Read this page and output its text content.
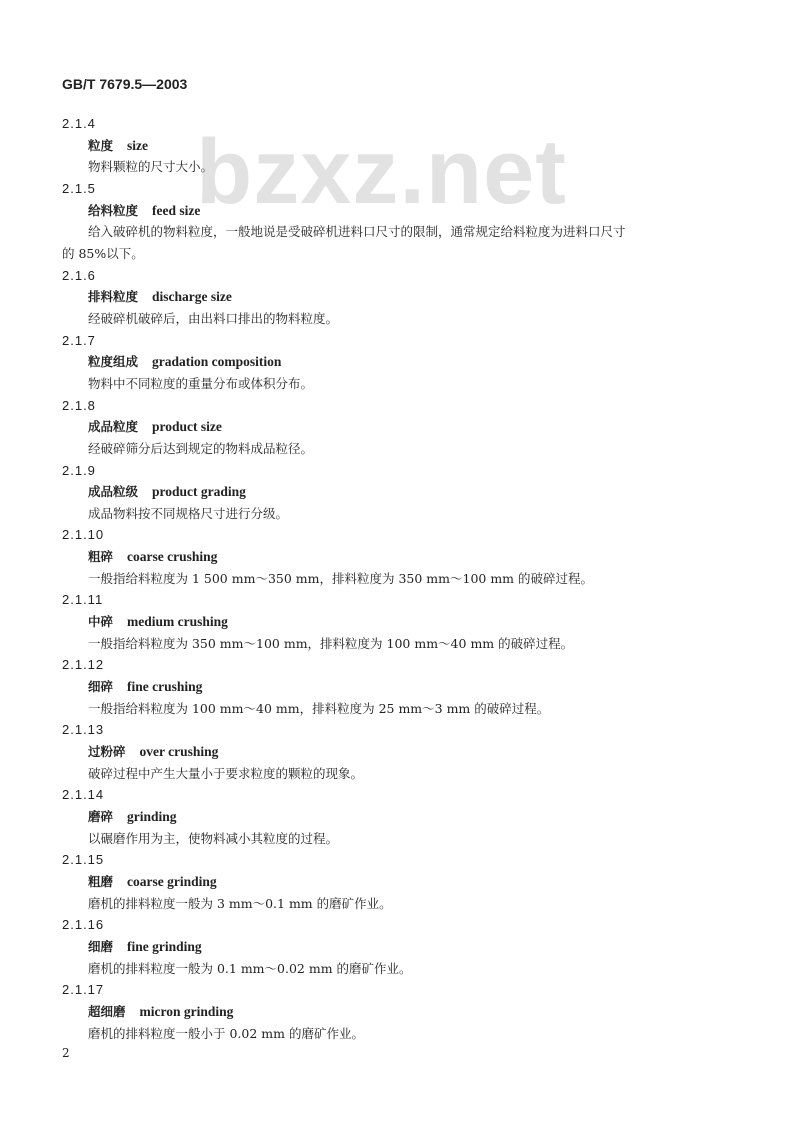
GB/T 7679.5—2003
bzxz.net
2.1.4
粒度 size
物料颗粒的尺寸大小。
2.1.5
给料粒度 feed size
给入破碎机的物料粒度，一般地说是受破碎机进料口尺寸的限制，通常规定给料粒度为进料口尺寸
的 85%以下。
2.1.6
排料粒度 discharge size
经破碎机破碎后，由出料口排出的物料粒度。
2.1.7
粒度组成 gradation composition
物料中不同粒度的重量分布或体积分布。
2.1.8
成品粒度 product size
经破碎筛分后达到规定的物料成品粒径。
2.1.9
成品粒级 product grading
成品物料按不同规格尺寸进行分级。
2.1.10
粗碎 coarse crushing
一般指给料粒度为 1 500 mm～350 mm，排料粒度为 350 mm～100 mm 的破碎过程。
2.1.11
中碎 medium crushing
一般指给料粒度为 350 mm～100 mm，排料粒度为 100 mm～40 mm 的破碎过程。
2.1.12
细碎 fine crushing
一般指给料粒度为 100 mm～40 mm，排料粒度为 25 mm～3 mm 的破碎过程。
2.1.13
过粉碎 over crushing
破碎过程中产生大量小于要求粒度的颗粒的现象。
2.1.14
磨碎 grinding
以碾磨作用为主，使物料减小其粒度的过程。
2.1.15
粗磨 coarse grinding
磨机的排料粒度一般为 3 mm～0.1 mm 的磨矿作业。
2.1.16
细磨 fine grinding
磨机的排料粒度一般为 0.1 mm～0.02 mm 的磨矿作业。
2.1.17
超细磨 micron grinding
磨机的排料粒度一般小于 0.02 mm 的磨矿作业。
2
